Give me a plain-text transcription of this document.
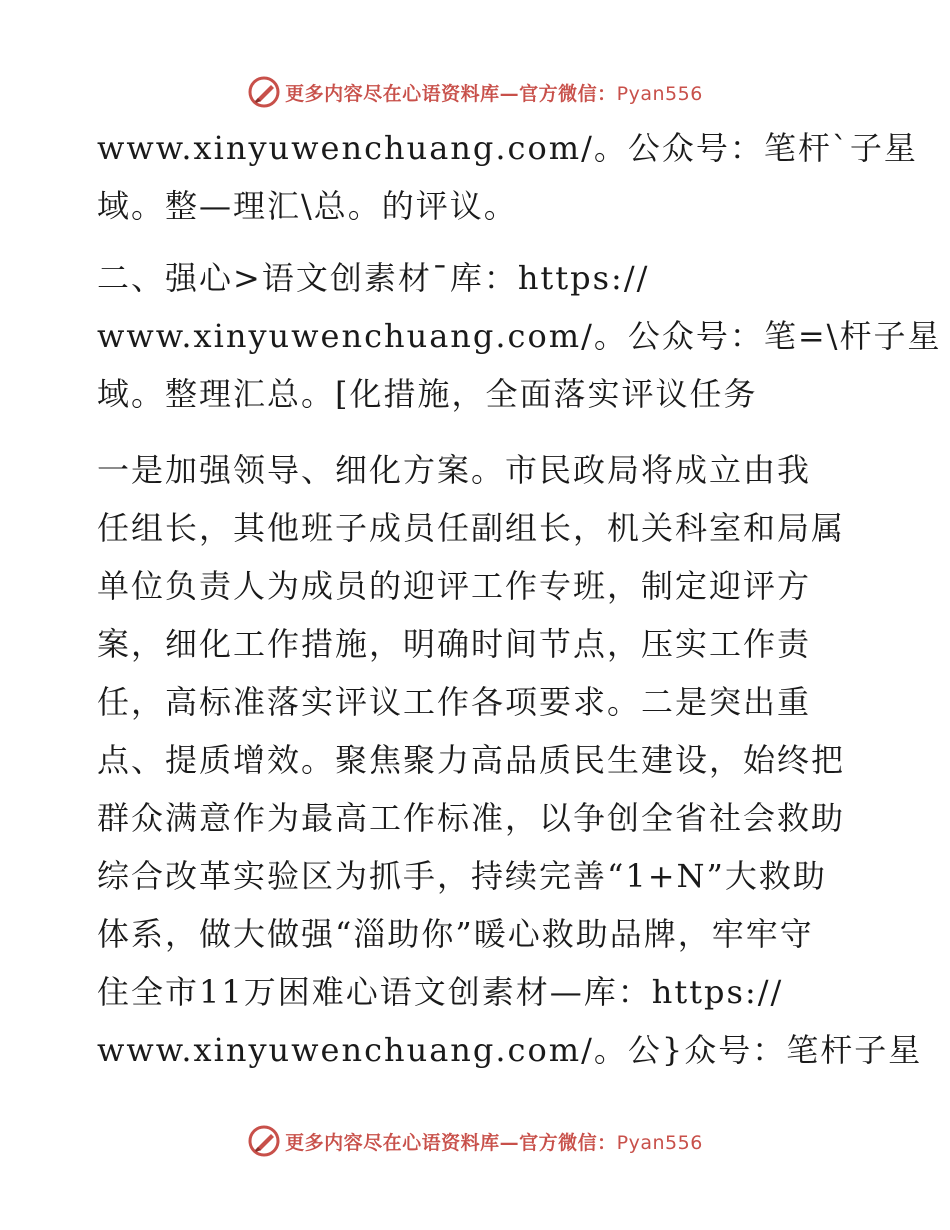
更多内容尽在心语资料库—官方微信：Pyan556
www.xinyuwenchuang.com/。公众号：笔杆`子星
域。整—理汇\总。的评议。
二、强心>语文创素材¯库：https://
www.xinyuwenchuang.com/。公众号：笔=\杆子星
域。整理汇总。[化措施，全面落实评议任务
一是加强领导、细化方案。市民政局将成立由我
任组长，其他班子成员任副组长，机关科室和局属
单位负责人为成员的迎评工作专班，制定迎评方
案，细化工作措施，明确时间节点，压实工作责
任，高标准落实评议工作各项要求。二是突出重
点、提质增效。聚焦聚力高品质民生建设，始终把
群众满意作为最高工作标准，以争创全省社会救助
综合改革实验区为抓手，持续完善“1+N”大救助
体系，做大做强“淄助你”暖心救助品牌，牢牢守
住全市11万困难心语文创素材—库：https://
www.xinyuwenchuang.com/。公}众号：笔杆子星
更多内容尽在心语资料库—官方微信：Pyan556
